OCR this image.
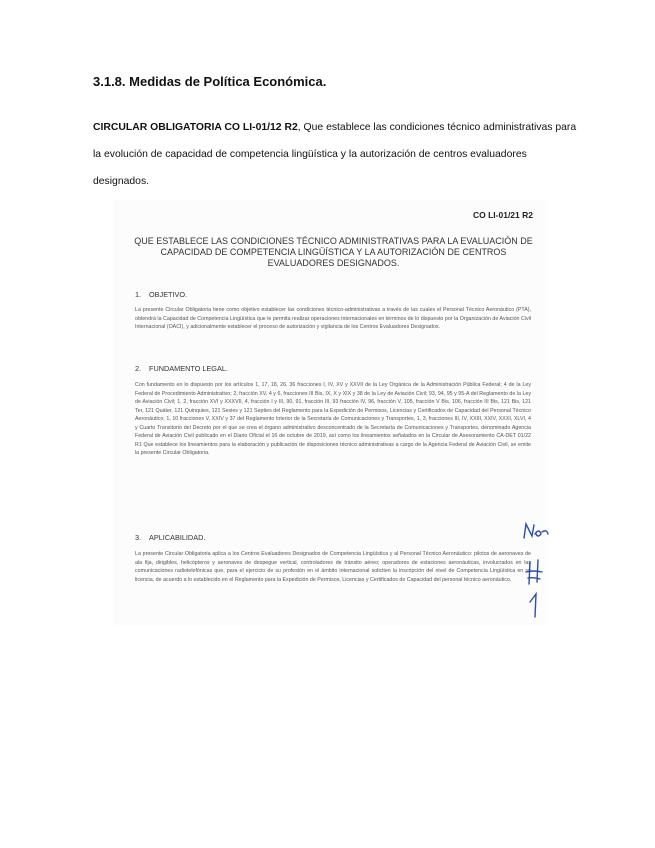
3.1.8. Medidas de Política Económica.

CIRCULAR OBLIGATORIA CO LI-01/12 R2, Que establece las condiciones técnico administrativas para la evolución de capacidad de competencia lingüística y la autorización de centros evaluadores designados.

CO LI-01/21 R2

QUE ESTABLECE LAS CONDICIONES TÉCNICO ADMINISTRATIVAS PARA LA EVALUACIÓN DE CAPACIDAD DE COMPETENCIA LINGÜÍSTICA Y LA AUTORIZACIÓN DE CENTROS EVALUADORES DESIGNADOS.

1. OBJETIVO.

La presente Circular Obligatoria tiene como objetivo establecer las condiciones técnico-administrativas a través de las cuales el Personal Técnico Aeronáutico (PTA), obtendrá la Capacidad de Competencia Lingüística que le permita realizar operaciones internacionales en términos de lo dispuesto por la Organización de Aviación Civil Internacional (OACI), y adicionalmente establecer el proceso de autorización y vigilancia de los Centros Evaluadores Designados.

2. FUNDAMENTO LEGAL.

Con fundamento en lo dispuesto por los artículos 1, 17, 18, 26, 36 fracciones I, IV, XV y XXVII de la Ley Orgánica de la Administración Pública Federal; 4 de la Ley Federal de Procedimiento Administrativo; 2, fracción XV, 4 y 6, fracciones III Bis, IX, X y XIX y 38 de la Ley de Aviación Civil; 93, 94, 95 y 95-A del Reglamento de la Ley de Aviación Civil; 1, 2, fracción XVI y XXXVII, 4, fracción I y III, 90, 91, fracción III, 93 fracción IV, 96, fracción V, 105, fracción V Bis, 106, fracción III Bis, 121 Bis, 121 Ter, 121 Quáter, 121 Quinquies, 121 Sexies y 121 Septies del Reglamento para la Expedición de Permisos, Licencias y Certificados de Capacidad del Personal Técnico Aeronáutico; 1, 10 fracciones V, XXIV y 37 del Reglamento Interior de la Secretaría de Comunicaciones y Transportes, 1, 3, fracciones III, IV, XXIII, XXIV, XXXI, XLVI, 4 y Cuarto Transitorio del Decreto por el que se crea el órgano administrativo desconcentrado de la Secretaría de Comunicaciones y Transportes, denominado Agencia Federal de Aviación Civil publicado en el Diario Oficial el 16 de octubre de 2019, así como los lineamientos señalados en la Circular de Asesoramiento CA-DET 01/22 R1 Que establece los lineamientos para la elaboración y publicación de disposiciones técnico administrativas a cargo de la Agencia Federal de Aviación Civil, se emite la presente Circular Obligatoria.

3. APLICABILIDAD.

La presente Circular Obligatoria aplica a los Centros Evaluadores Designados de Competencia Lingüística y al Personal Técnico Aeronáutico: pilotos de aeronaves de ala fija, dirigibles, helicópteros y aeronaves de despegue vertical, controladores de tránsito aéreo; operadores de estaciones aeronáuticas, involucrados en las comunicaciones radiotelefónicas que, para el ejercicio de su profesión en el ámbito internacional soliciten la inscripción del nivel de Competencia Lingüística en su licencia, de acuerdo a lo establecido en el Reglamento para la Expedición de Permisos, Licencias y Certificados de Capacidad del personal técnico aeronáutico.
